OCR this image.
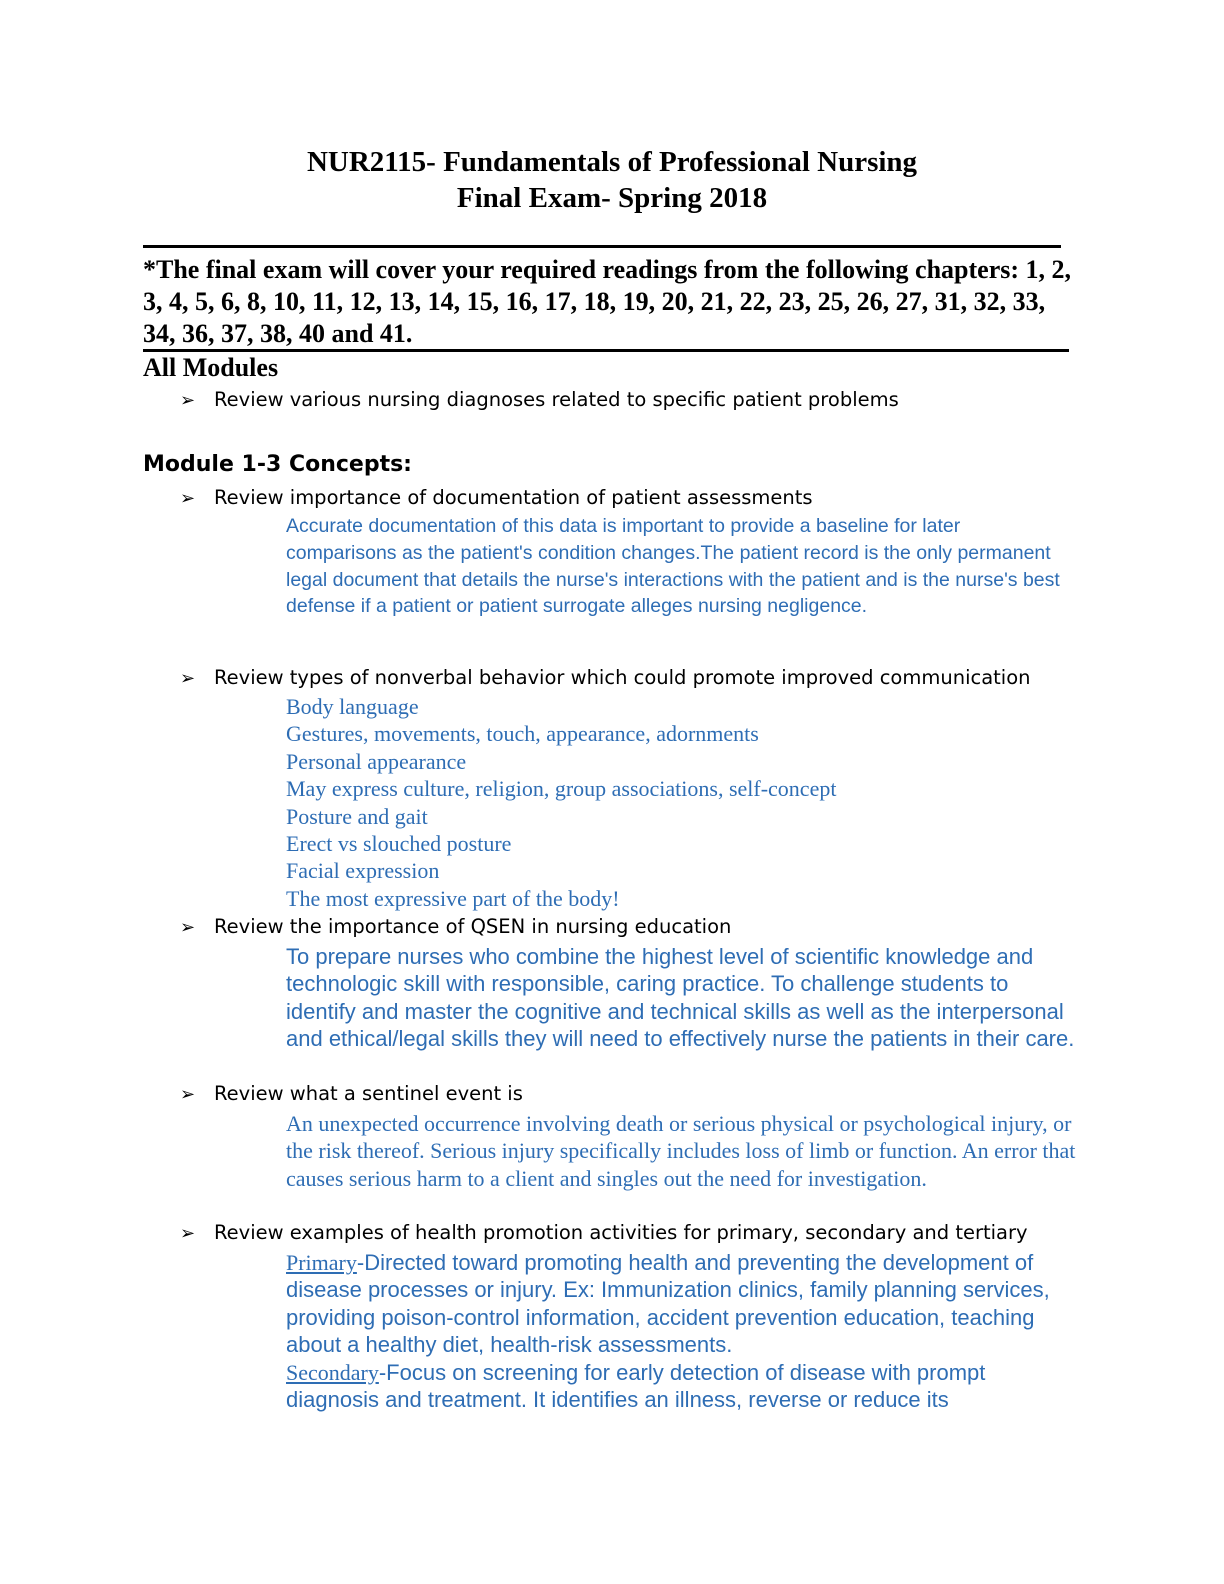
NUR2115- Fundamentals of Professional Nursing
Final Exam- Spring 2018
*The final exam will cover your required readings from the following chapters: 1, 2, 3, 4, 5, 6, 8, 10, 11, 12, 13, 14, 15, 16, 17, 18, 19, 20, 21, 22, 23, 25, 26, 27, 31, 32, 33, 34, 36, 37, 38, 40 and 41.
All Modules
➢ Review various nursing diagnoses related to specific patient problems
Module 1-3 Concepts:
➢ Review importance of documentation of patient assessments
Accurate documentation of this data is important to provide a baseline for later comparisons as the patient's condition changes.The patient record is the only permanent legal document that details the nurse's interactions with the patient and is the nurse's best defense if a patient or patient surrogate alleges nursing negligence.
➢ Review types of nonverbal behavior which could promote improved communication

Body language

Gestures, movements, touch, appearance, adornments

Personal appearance

May express culture, religion, group associations, self-concept

Posture and gait

Erect vs slouched posture

Facial expression

The most expressive part of the body!

➢ Review the importance of QSEN in nursing education
To prepare nurses who combine the highest level of scientific knowledge and technologic skill with responsible, caring practice. To challenge students to identify and master the cognitive and technical skills as well as the interpersonal and ethical/legal skills they will need to effectively nurse the patients in their care.
➢ Review what a sentinel event is
An unexpected occurrence involving death or serious physical or psychological injury, or the risk thereof. Serious injury specifically includes loss of limb or function. An error that causes serious harm to a client and singles out the need for investigation.
➢ Review examples of health promotion activities for primary, secondary and tertiary

Primary-Directed toward promoting health and preventing the development of disease processes or injury. Ex: Immunization clinics, family planning services, providing poison-control information, accident prevention education, teaching about a healthy diet, health-risk assessments.

Secondary-Focus on screening for early detection of disease with prompt diagnosis and treatment. It identifies an illness, reverse or reduce its
